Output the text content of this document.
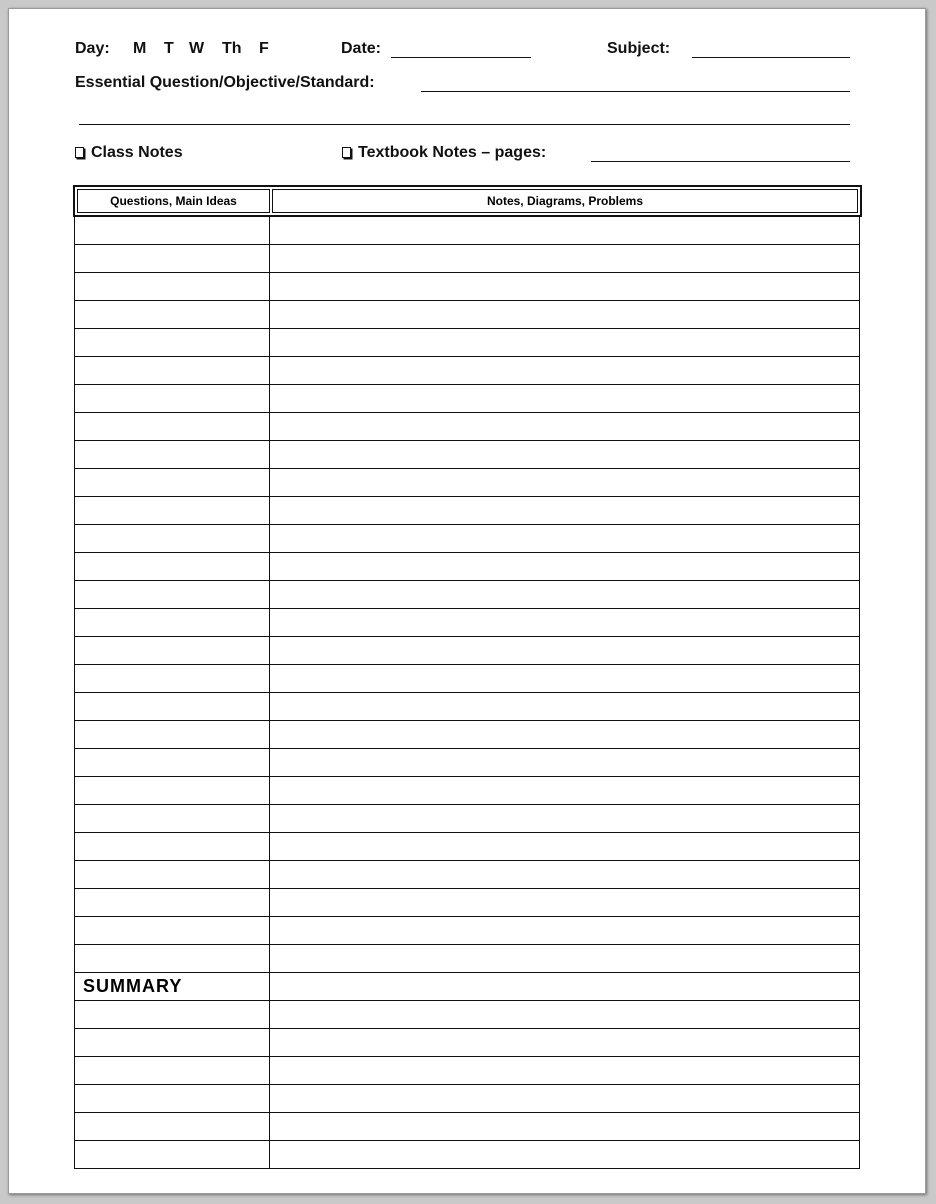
Day: M T W Th F	Date:	Subject:
Essential Question/Objective/Standard:
Class Notes	Textbook Notes – pages:
Questions, Main Ideas	Notes, Diagrams, Problems
SUMMARY
